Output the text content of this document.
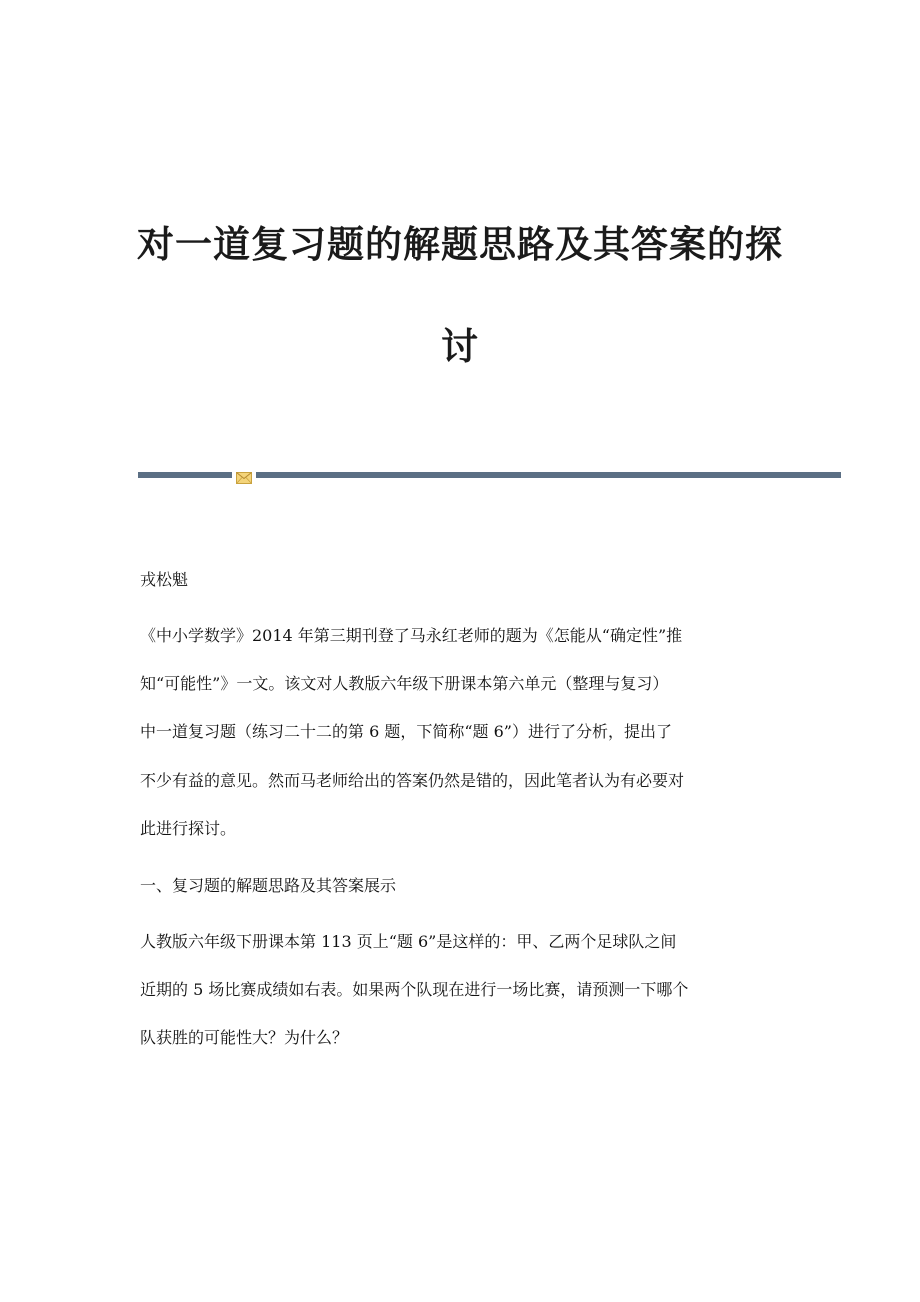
对一道复习题的解题思路及其答案的探
讨
戎松魁
《中小学数学》2014 年第三期刊登了马永红老师的题为《怎能从“确定性”推
知“可能性”》一文。该文对人教版六年级下册课本第六单元（整理与复习）
中一道复习题（练习二十二的第 6 题，下简称“题 6”）进行了分析，提出了
不少有益的意见。然而马老师给出的答案仍然是错的，因此笔者认为有必要对
此进行探讨。
一、复习题的解题思路及其答案展示
人教版六年级下册课本第 113 页上“题 6”是这样的：甲、乙两个足球队之间
近期的 5 场比赛成绩如右表。如果两个队现在进行一场比赛，请预测一下哪个
队获胜的可能性大？为什么？
